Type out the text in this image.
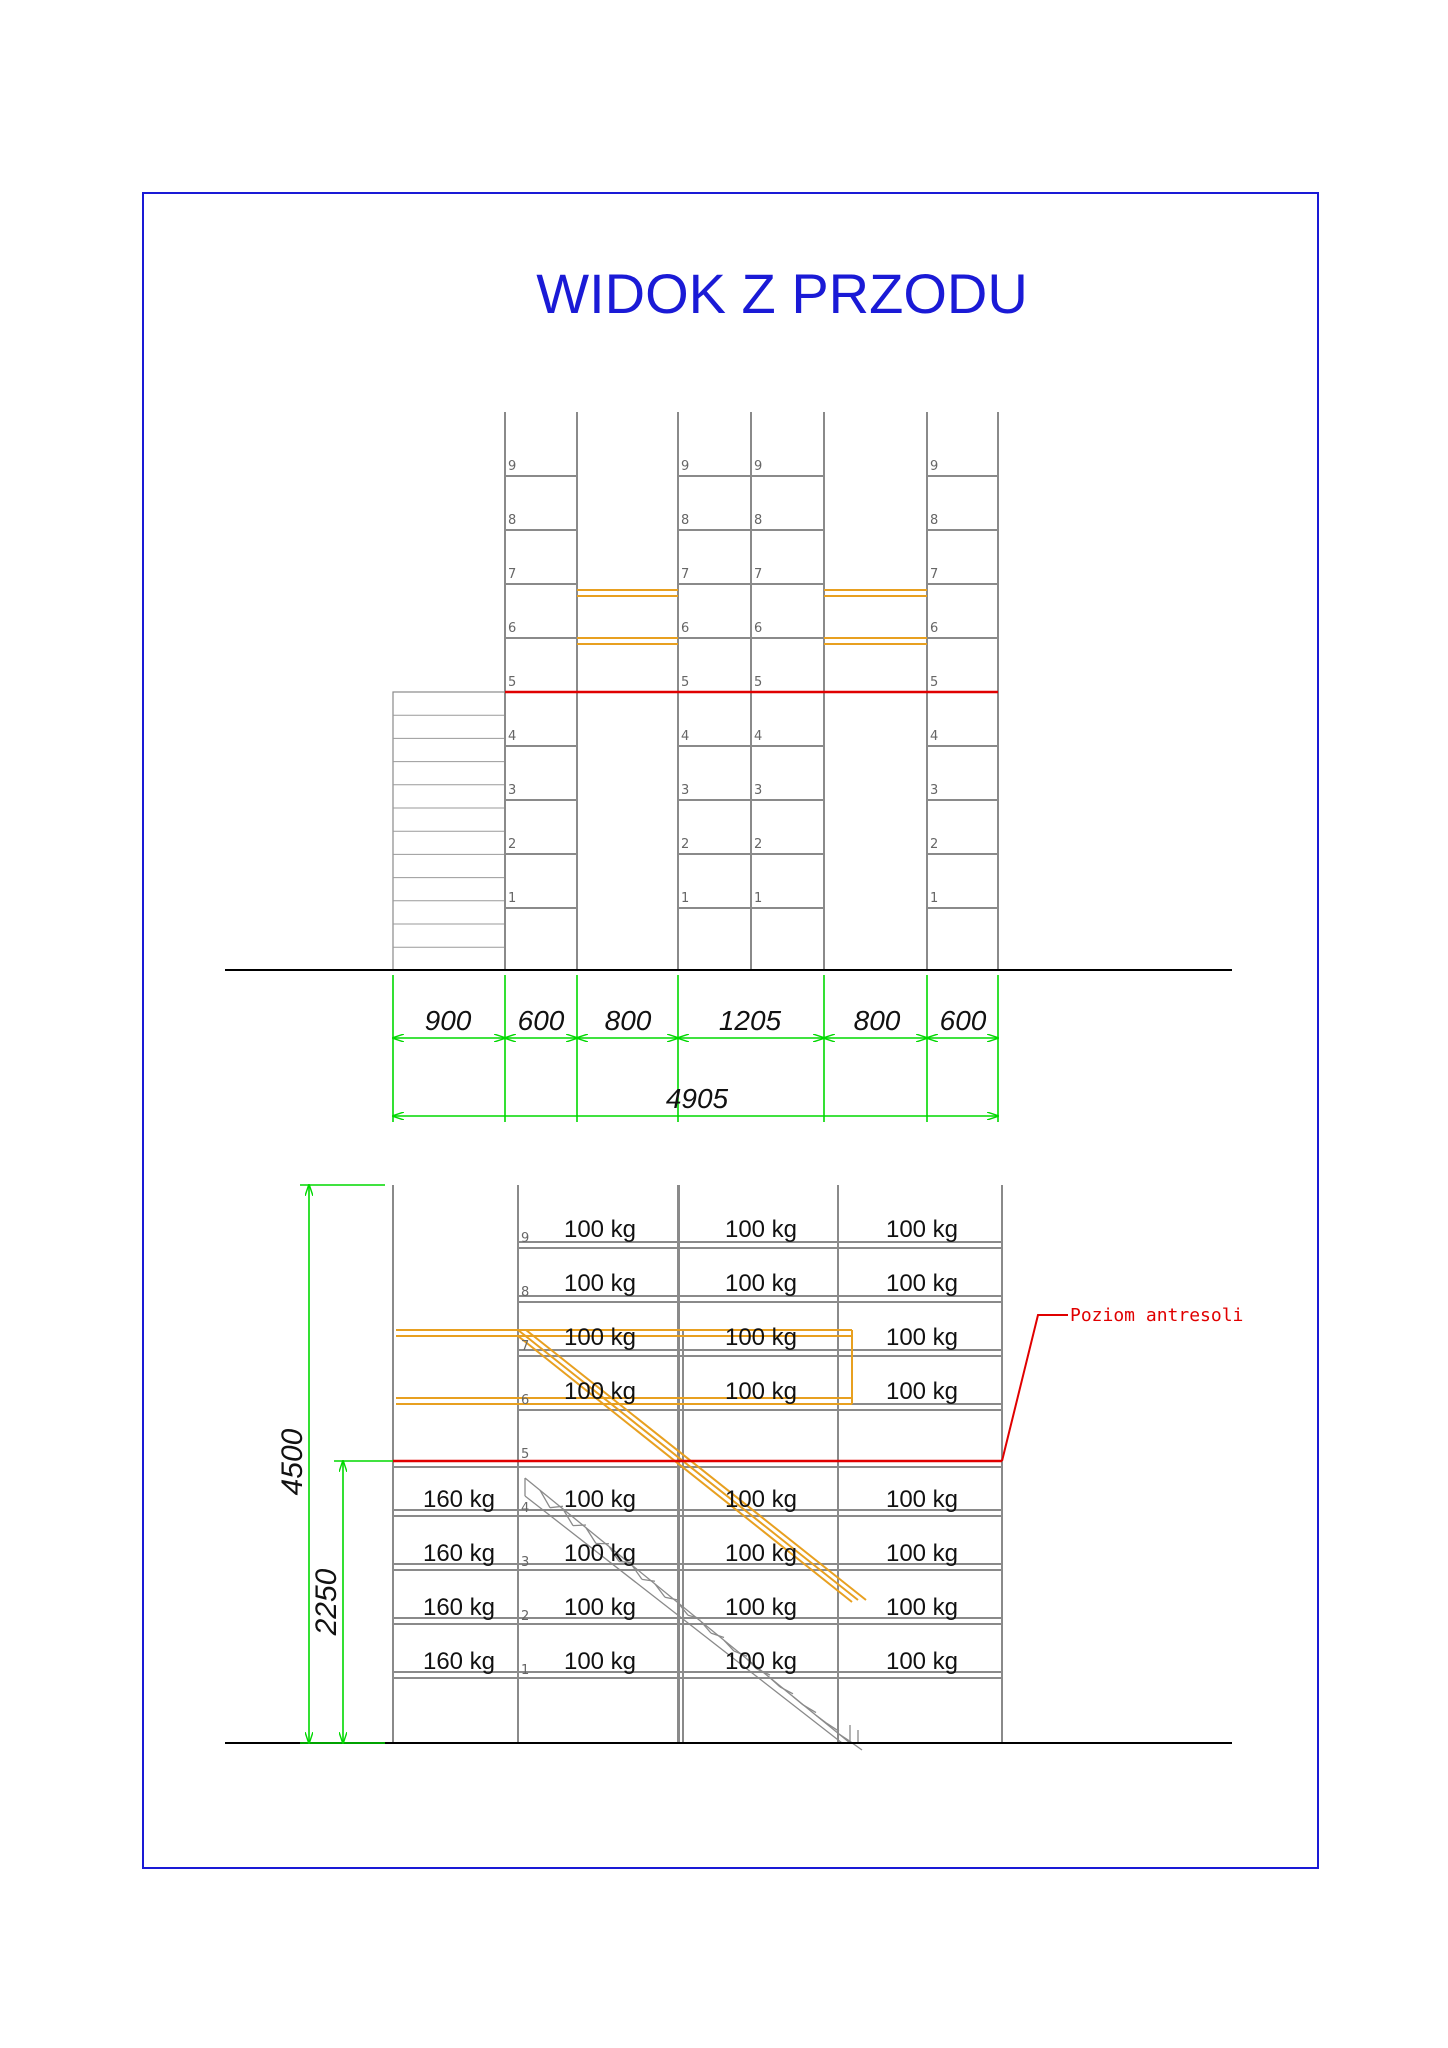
WIDOK Z PRZODU
9
8
7
6
5
4
3
2
1
9
8
7
6
5
4
3
2
1
9
8
7
6
5
4
3
2
1
9
8
7
6
5
4
3
2
1
900 600 800 1205	800 600
4905
Poziom antresoli
4500
2250
160 kg
160 kg
160 kg
160 kg
100 kg
100 kg
100 kg
100 kg
100 kg
100 kg
100 kg
100 kg
100 kg
100 kg
100 kg
100 kg
100 kg
100 kg
100 kg
100 kg
100 kg
100 kg
100 kg
100 kg
100 kg
100 kg
100 kg
100 kg
9
8
7
6
5
4
3
2
1
